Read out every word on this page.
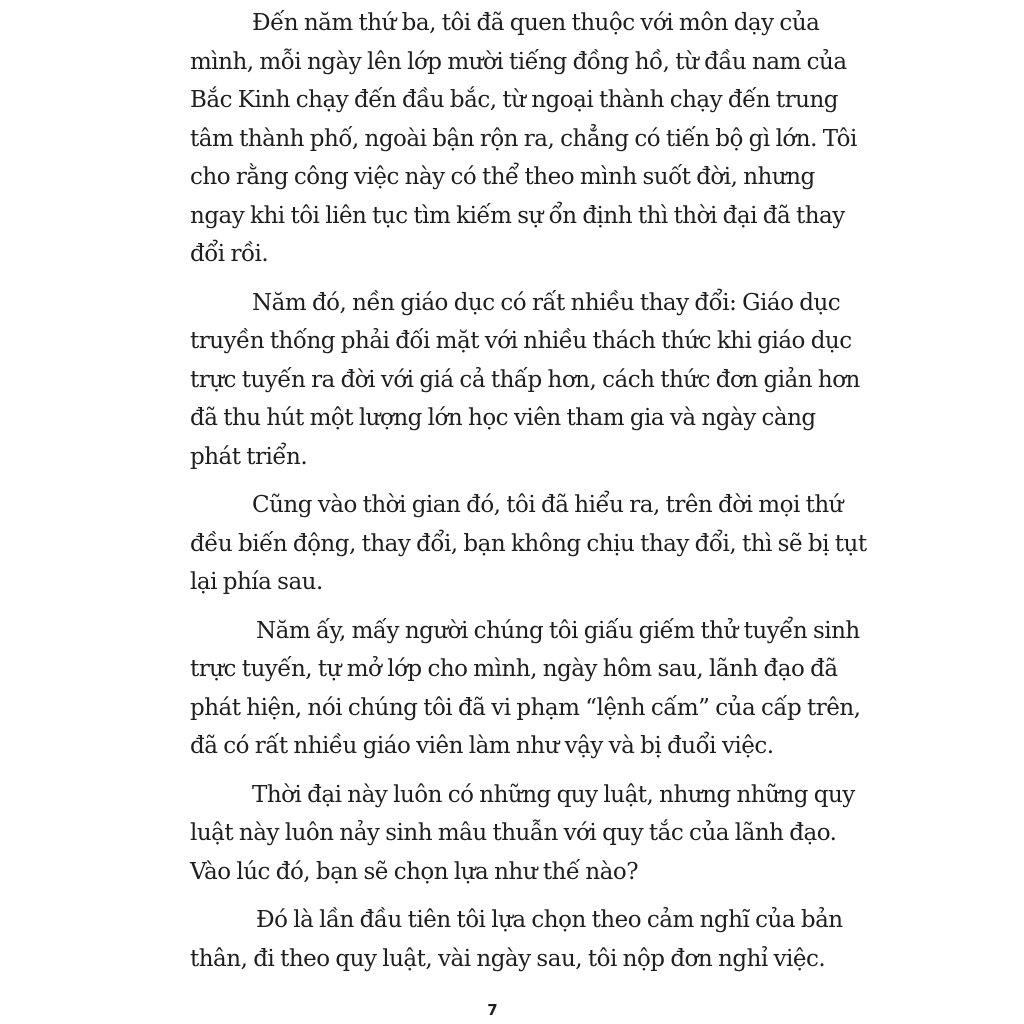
Đến năm thứ ba, tôi đã quen thuộc với môn dạy của
mình, mỗi ngày lên lớp mười tiếng đồng hồ, từ đầu nam của
Bắc Kinh chạy đến đầu bắc, từ ngoại thành chạy đến trung
tâm thành phố, ngoài bận rộn ra, chẳng có tiến bộ gì lớn. Tôi
cho rằng công việc này có thể theo mình suốt đời, nhưng
ngay khi tôi liên tục tìm kiếm sự ổn định thì thời đại đã thay
đổi rồi.

Năm đó, nền giáo dục có rất nhiều thay đổi: Giáo dục
truyền thống phải đối mặt với nhiều thách thức khi giáo dục
trực tuyến ra đời với giá cả thấp hơn, cách thức đơn giản hơn
đã thu hút một lượng lớn học viên tham gia và ngày càng
phát triển.

Cũng vào thời gian đó, tôi đã hiểu ra, trên đời mọi thứ
đều biến động, thay đổi, bạn không chịu thay đổi, thì sẽ bị tụt
lại phía sau.

Năm ấy, mấy người chúng tôi giấu giếm thử tuyển sinh
trực tuyến, tự mở lớp cho mình, ngày hôm sau, lãnh đạo đã
phát hiện, nói chúng tôi đã vi phạm “lệnh cấm” của cấp trên,
đã có rất nhiều giáo viên làm như vậy và bị đuổi việc.

Thời đại này luôn có những quy luật, nhưng những quy
luật này luôn nảy sinh mâu thuẫn với quy tắc của lãnh đạo.
Vào lúc đó, bạn sẽ chọn lựa như thế nào?

Đó là lần đầu tiên tôi lựa chọn theo cảm nghĩ của bản
thân, đi theo quy luật, vài ngày sau, tôi nộp đơn nghỉ việc.

7
